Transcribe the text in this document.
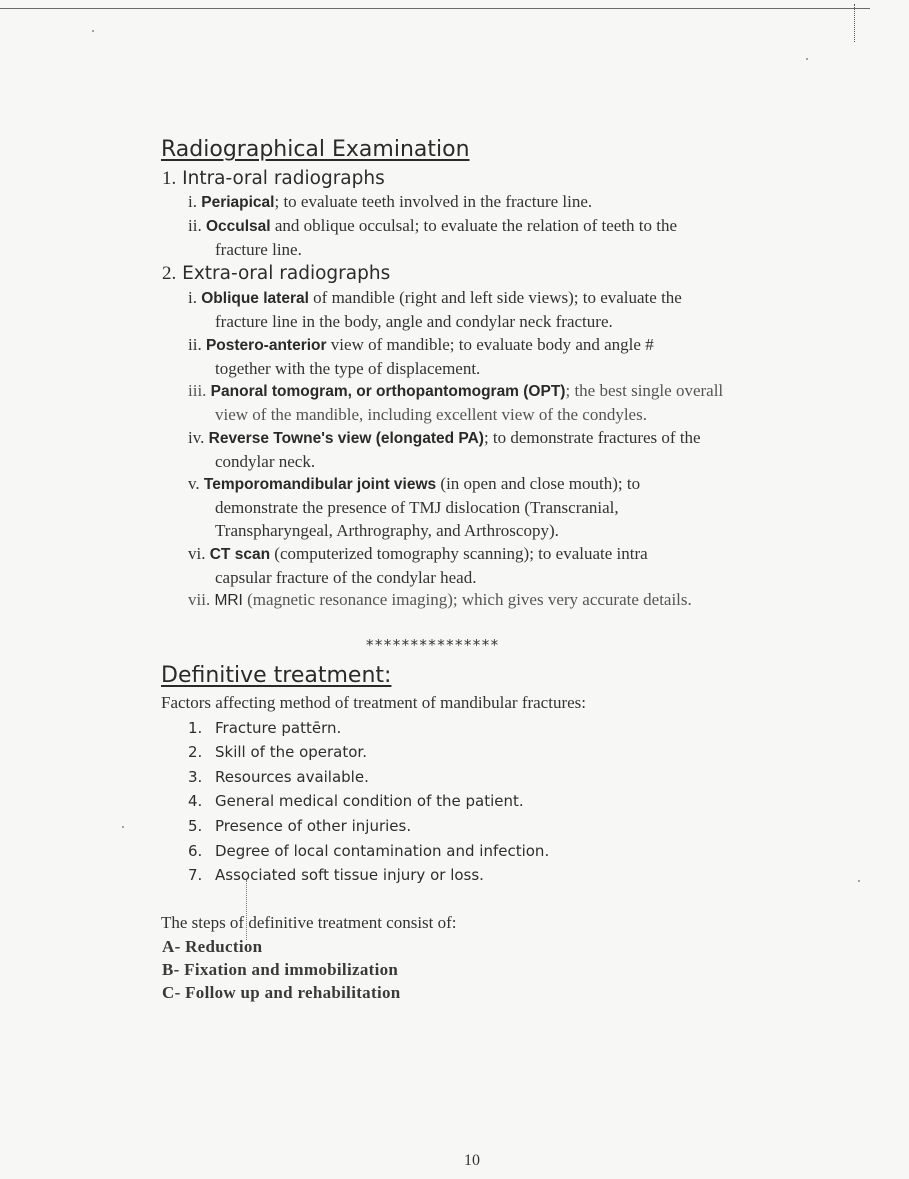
Radiographical Examination
1. Intra-oral radiographs
i. Periapical; to evaluate teeth involved in the fracture line.
ii. Occulsal and oblique occulsal; to evaluate the relation of teeth to the
fracture line.
2. Extra-oral radiographs
i. Oblique lateral of mandible (right and left side views); to evaluate the
fracture line in the body, angle and condylar neck fracture.
ii. Postero-anterior view of mandible; to evaluate body and angle #
together with the type of displacement.
iii. Panoral tomogram, or orthopantomogram (OPT); the best single overall
view of the mandible, including excellent view of the condyles.
iv. Reverse Towne's view (elongated PA); to demonstrate fractures of the
condylar neck.
v. Temporomandibular joint views (in open and close mouth); to
demonstrate the presence of TMJ dislocation (Transcranial,
Transpharyngeal, Arthrography, and Arthroscopy).
vi. CT scan (computerized tomography scanning); to evaluate intra
capsular fracture of the condylar head.
vii. MRI (magnetic resonance imaging); which gives very accurate details.
***************
Definitive treatment:
Factors affecting method of treatment of mandibular fractures:
1. Fracture pattērn.
2. Skill of the operator.
3. Resources available.
4. General medical condition of the patient.
5. Presence of other injuries.
6. Degree of local contamination and infection.
7. Associated soft tissue injury or loss.
The steps of definitive treatment consist of:
A- Reduction
B- Fixation and immobilization
C- Follow up and rehabilitation
10
